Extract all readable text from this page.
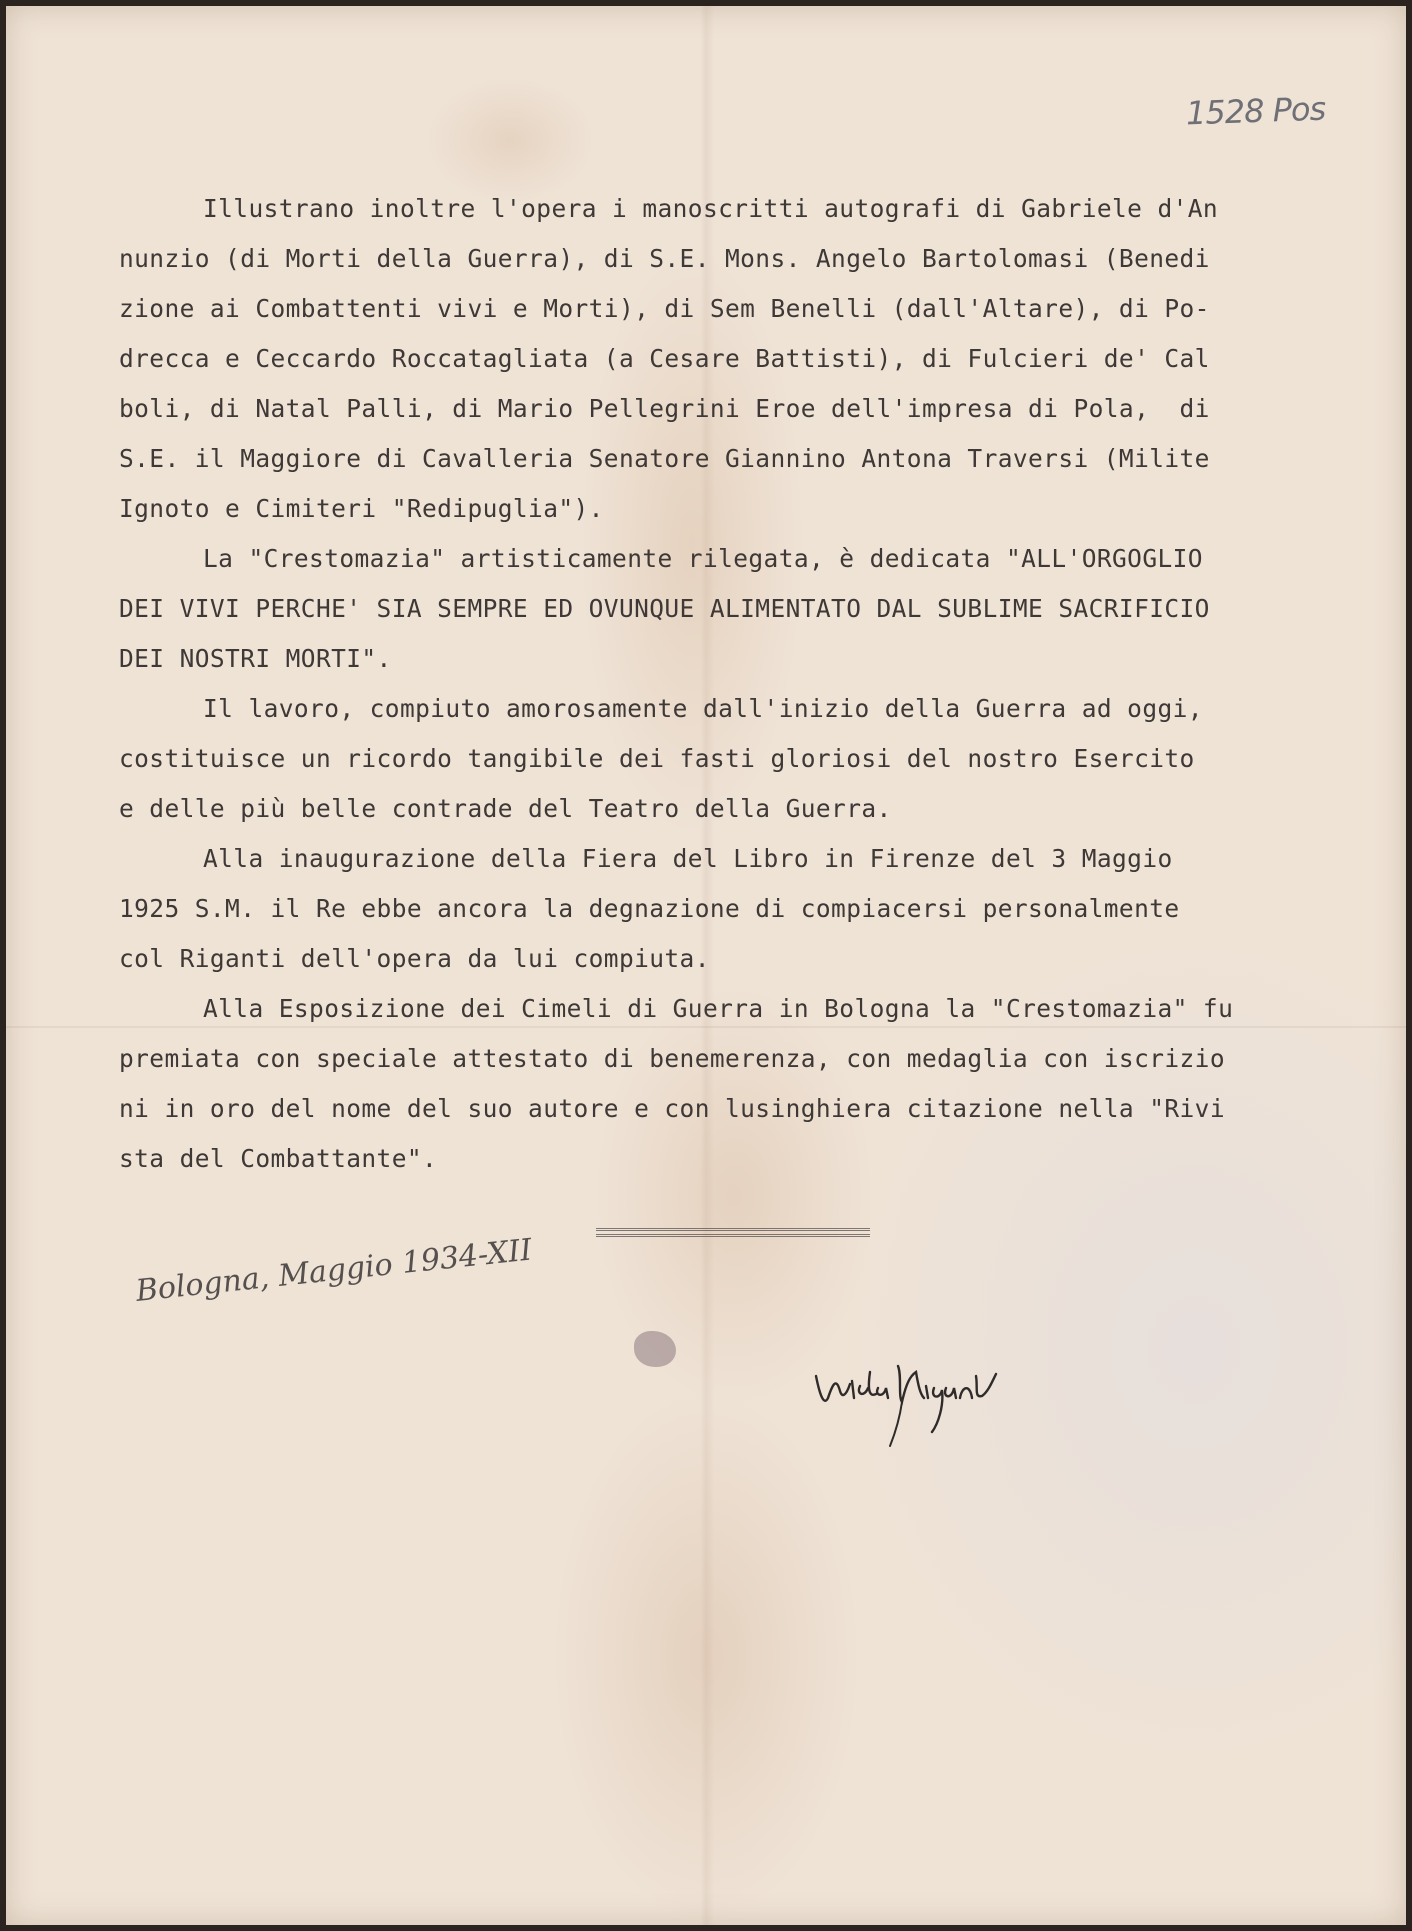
1528 Pos
Illustrano inoltre l'opera i manoscritti autografi di Gabriele d'An
nunzio (di Morti della Guerra), di S.E. Mons. Angelo Bartolomasi (Benedi
zione ai Combattenti vivi e Morti), di Sem Benelli (dall'Altare), di Po-
drecca e Ceccardo Roccatagliata (a Cesare Battisti), di Fulcieri de' Cal
boli, di Natal Palli, di Mario Pellegrini Eroe dell'impresa di Pola,  di
S.E. il Maggiore di Cavalleria Senatore Giannino Antona Traversi (Milite
Ignoto e Cimiteri "Redipuglia").
La "Crestomazia" artisticamente rilegata, è dedicata "ALL'ORGOGLIO
DEI VIVI PERCHE' SIA SEMPRE ED OVUNQUE ALIMENTATO DAL SUBLIME SACRIFICIO
DEI NOSTRI MORTI".
Il lavoro, compiuto amorosamente dall'inizio della Guerra ad oggi,
costituisce un ricordo tangibile dei fasti gloriosi del nostro Esercito
e delle più belle contrade del Teatro della Guerra.
Alla inaugurazione della Fiera del Libro in Firenze del 3 Maggio
1925 S.M. il Re ebbe ancora la degnazione di compiacersi personalmente
col Riganti dell'opera da lui compiuta.
Alla Esposizione dei Cimeli di Guerra in Bologna la "Crestomazia" fu
premiata con speciale attestato di benemerenza, con medaglia con iscrizio
ni in oro del nome del suo autore e con lusinghiera citazione nella "Rivi
sta del Combattante".
Bologna, Maggio 1934-XII
